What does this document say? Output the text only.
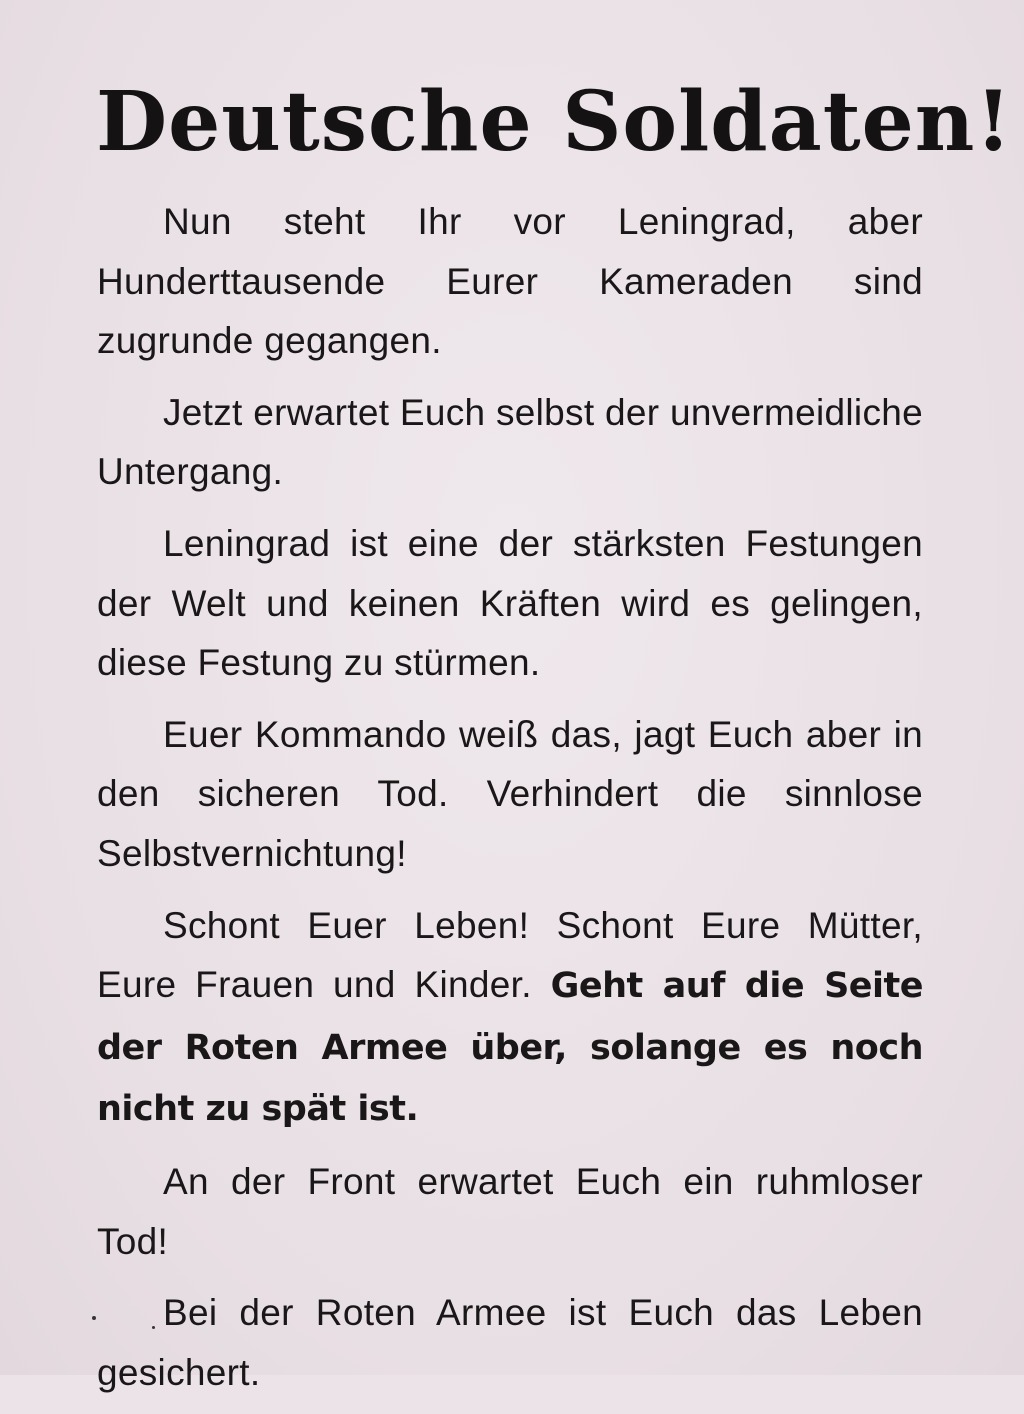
Deutsche Soldaten!

Nun steht Ihr vor Leningrad, aber Hunderttausende Eurer Kameraden sind zugrunde gegangen.

Jetzt erwartet Euch selbst der unvermeidliche Untergang.

Leningrad ist eine der stärksten Festungen der Welt und keinen Kräften wird es gelingen, diese Festung zu stürmen.

Euer Kommando weiß das, jagt Euch aber in den sicheren Tod. Verhindert die sinnlose Selbstvernichtung!

Schont Euer Leben! Schont Eure Mütter, Eure Frauen und Kinder. Geht auf die Seite der Roten Armee über, solange es noch nicht zu spät ist.

An der Front erwartet Euch ein ruhmloser Tod!

Bei der Roten Armee ist Euch das Leben gesichert.
